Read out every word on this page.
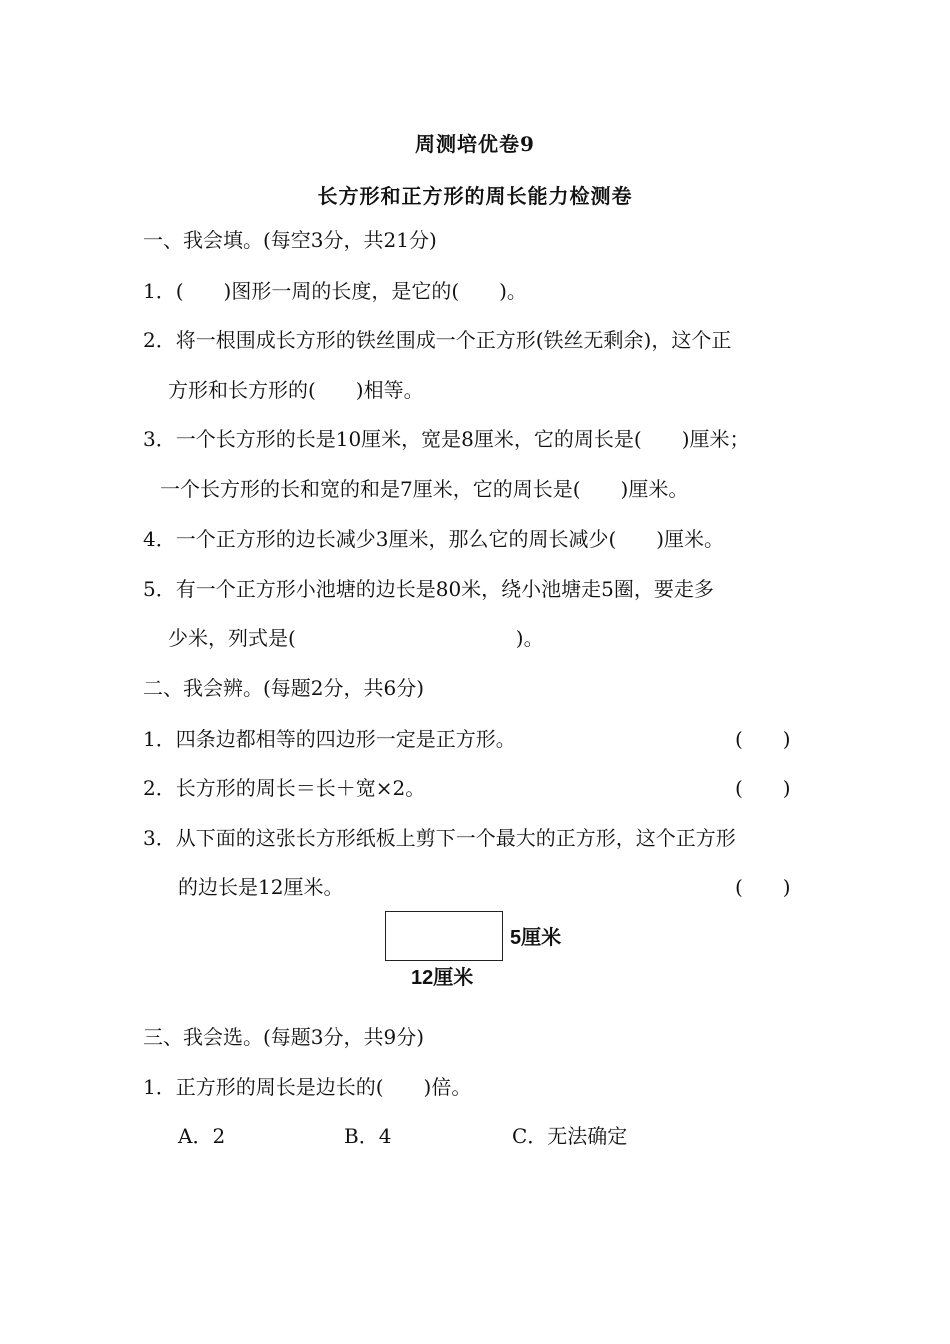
周测培优卷9
长方形和正方形的周长能力检测卷
一、我会填。(每空3分，共21分)
1．(　　)图形一周的长度，是它的(　　)。
2．将一根围成长方形的铁丝围成一个正方形(铁丝无剩余)，这个正
方形和长方形的(　　)相等。
3．一个长方形的长是10厘米，宽是8厘米，它的周长是(　　)厘米；
一个长方形的长和宽的和是7厘米，它的周长是(　　)厘米。
4．一个正方形的边长减少3厘米，那么它的周长减少(　　)厘米。
5．有一个正方形小池塘的边长是80米，绕小池塘走5圈，要走多
少米，列式是(　　　　　　　　　　　)。
二、我会辨。(每题2分，共6分)
1．四条边都相等的四边形一定是正方形。	(　　)
2．长方形的周长＝长＋宽×2。	(　　)
3．从下面的这张长方形纸板上剪下一个最大的正方形，这个正方形
的边长是12厘米。	(　　)
5厘米
12厘米
三、我会选。(每题3分，共9分)
1．正方形的周长是边长的(　　)倍。
A．2	B．4	C．无法确定
